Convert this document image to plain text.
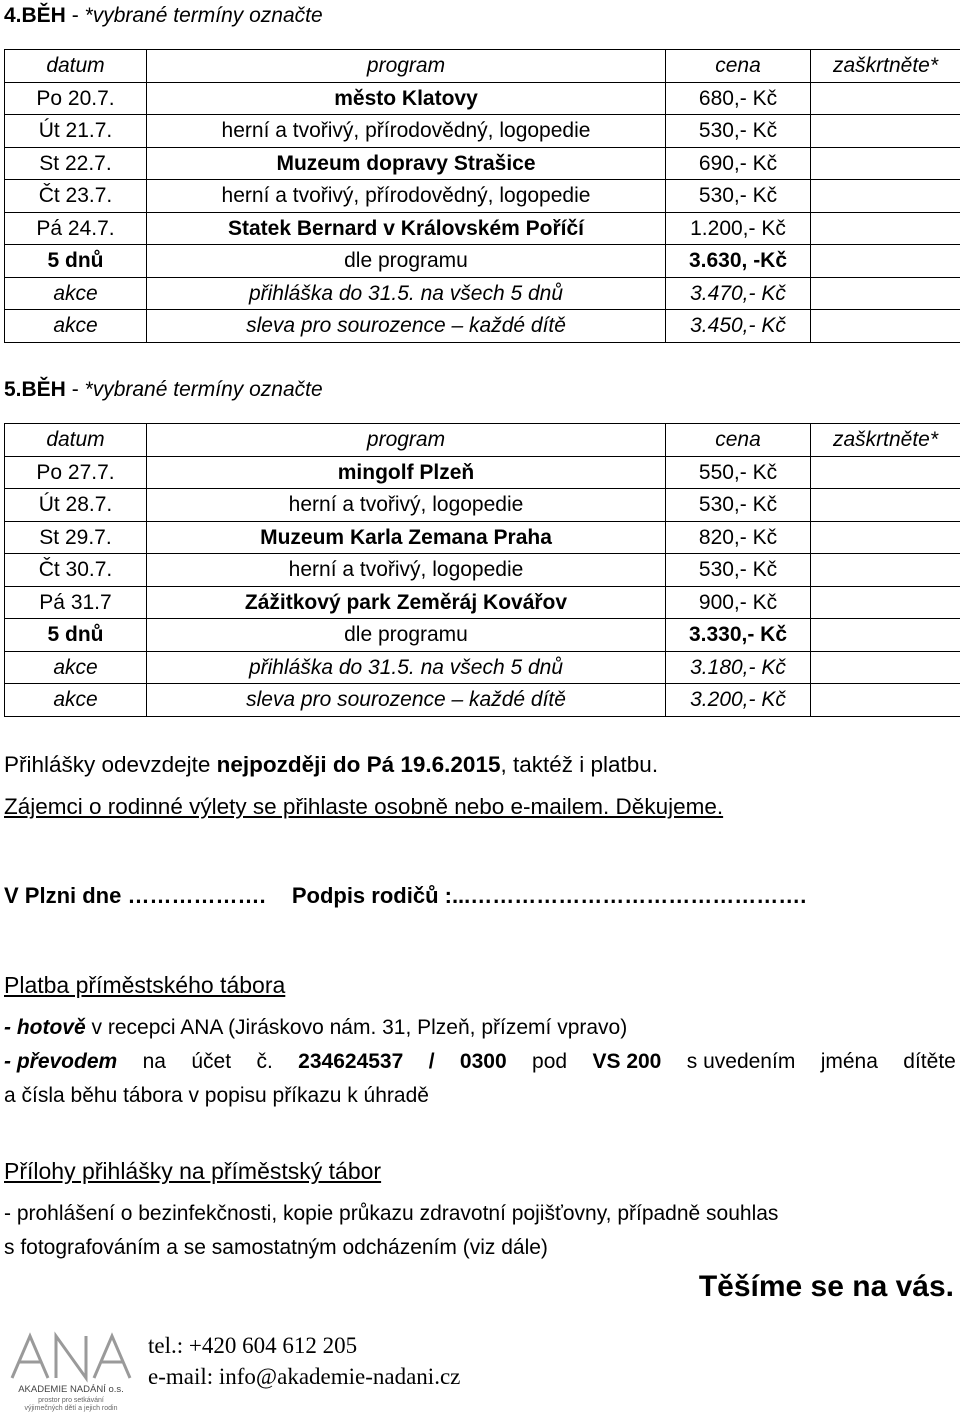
4.BĚH - *vybrané termíny označte
datum	program	cena	zaškrtněte*
Po 20.7.	město Klatovy	680,- Kč	
Út 21.7.	herní a tvořivý, přírodovědný, logopedie	530,- Kč	
St 22.7.	Muzeum dopravy Strašice	690,- Kč	
Čt 23.7.	herní a tvořivý, přírodovědný, logopedie	530,- Kč	
Pá 24.7.	Statek Bernard v Královském Poříčí	1.200,- Kč	
5 dnů	dle programu	3.630, -Kč	
akce	přihláška do 31.5. na všech 5 dnů	3.470,- Kč	
akce	sleva pro sourozence – každé dítě	3.450,- Kč	
5.BĚH - *vybrané termíny označte
datum	program	cena	zaškrtněte*
Po 27.7.	mingolf Plzeň	550,- Kč	
Út 28.7.	herní a tvořivý, logopedie	530,- Kč	
St 29.7.	Muzeum Karla Zemana Praha	820,- Kč	
Čt 30.7.	herní a tvořivý, logopedie	530,- Kč	
Pá 31.7	Zážitkový park Zeměráj Kovářov	900,- Kč	
5 dnů	dle programu	3.330,- Kč	
akce	přihláška do 31.5. na všech 5 dnů	3.180,- Kč	
akce	sleva pro sourozence – každé dítě	3.200,- Kč	
Přihlášky odevzdejte nejpozději do Pá 19.6.2015, taktéž i platbu.
Zájemci o rodinné výlety se přihlaste osobně nebo e-mailem. Děkujeme.
V Plzni dne ………………. Podpis rodičů :...……………………………………….
Platba příměstského tábora
- hotově v recepci ANA (Jiráskovo nám. 31, Plzeň, přízemí vpravo)
- převodem na účet č. 234624537 / 0300 pod VS 200 s uvedením jména dítěte
a čísla běhu tábora v popisu příkazu k úhradě
Přílohy přihlášky na příměstský tábor
- prohlášení o bezinfekčnosti, kopie průkazu zdravotní pojišťovny, případně souhlas
s fotografováním a se samostatným odcházením (viz dále)
Těšíme se na vás.
AKADEMIE NADÁNÍ o.s.
prostor pro setkávání
výjimečných dětí a jejich rodin
tel.: +420 604 612 205
e-mail: info@akademie-nadani.cz
